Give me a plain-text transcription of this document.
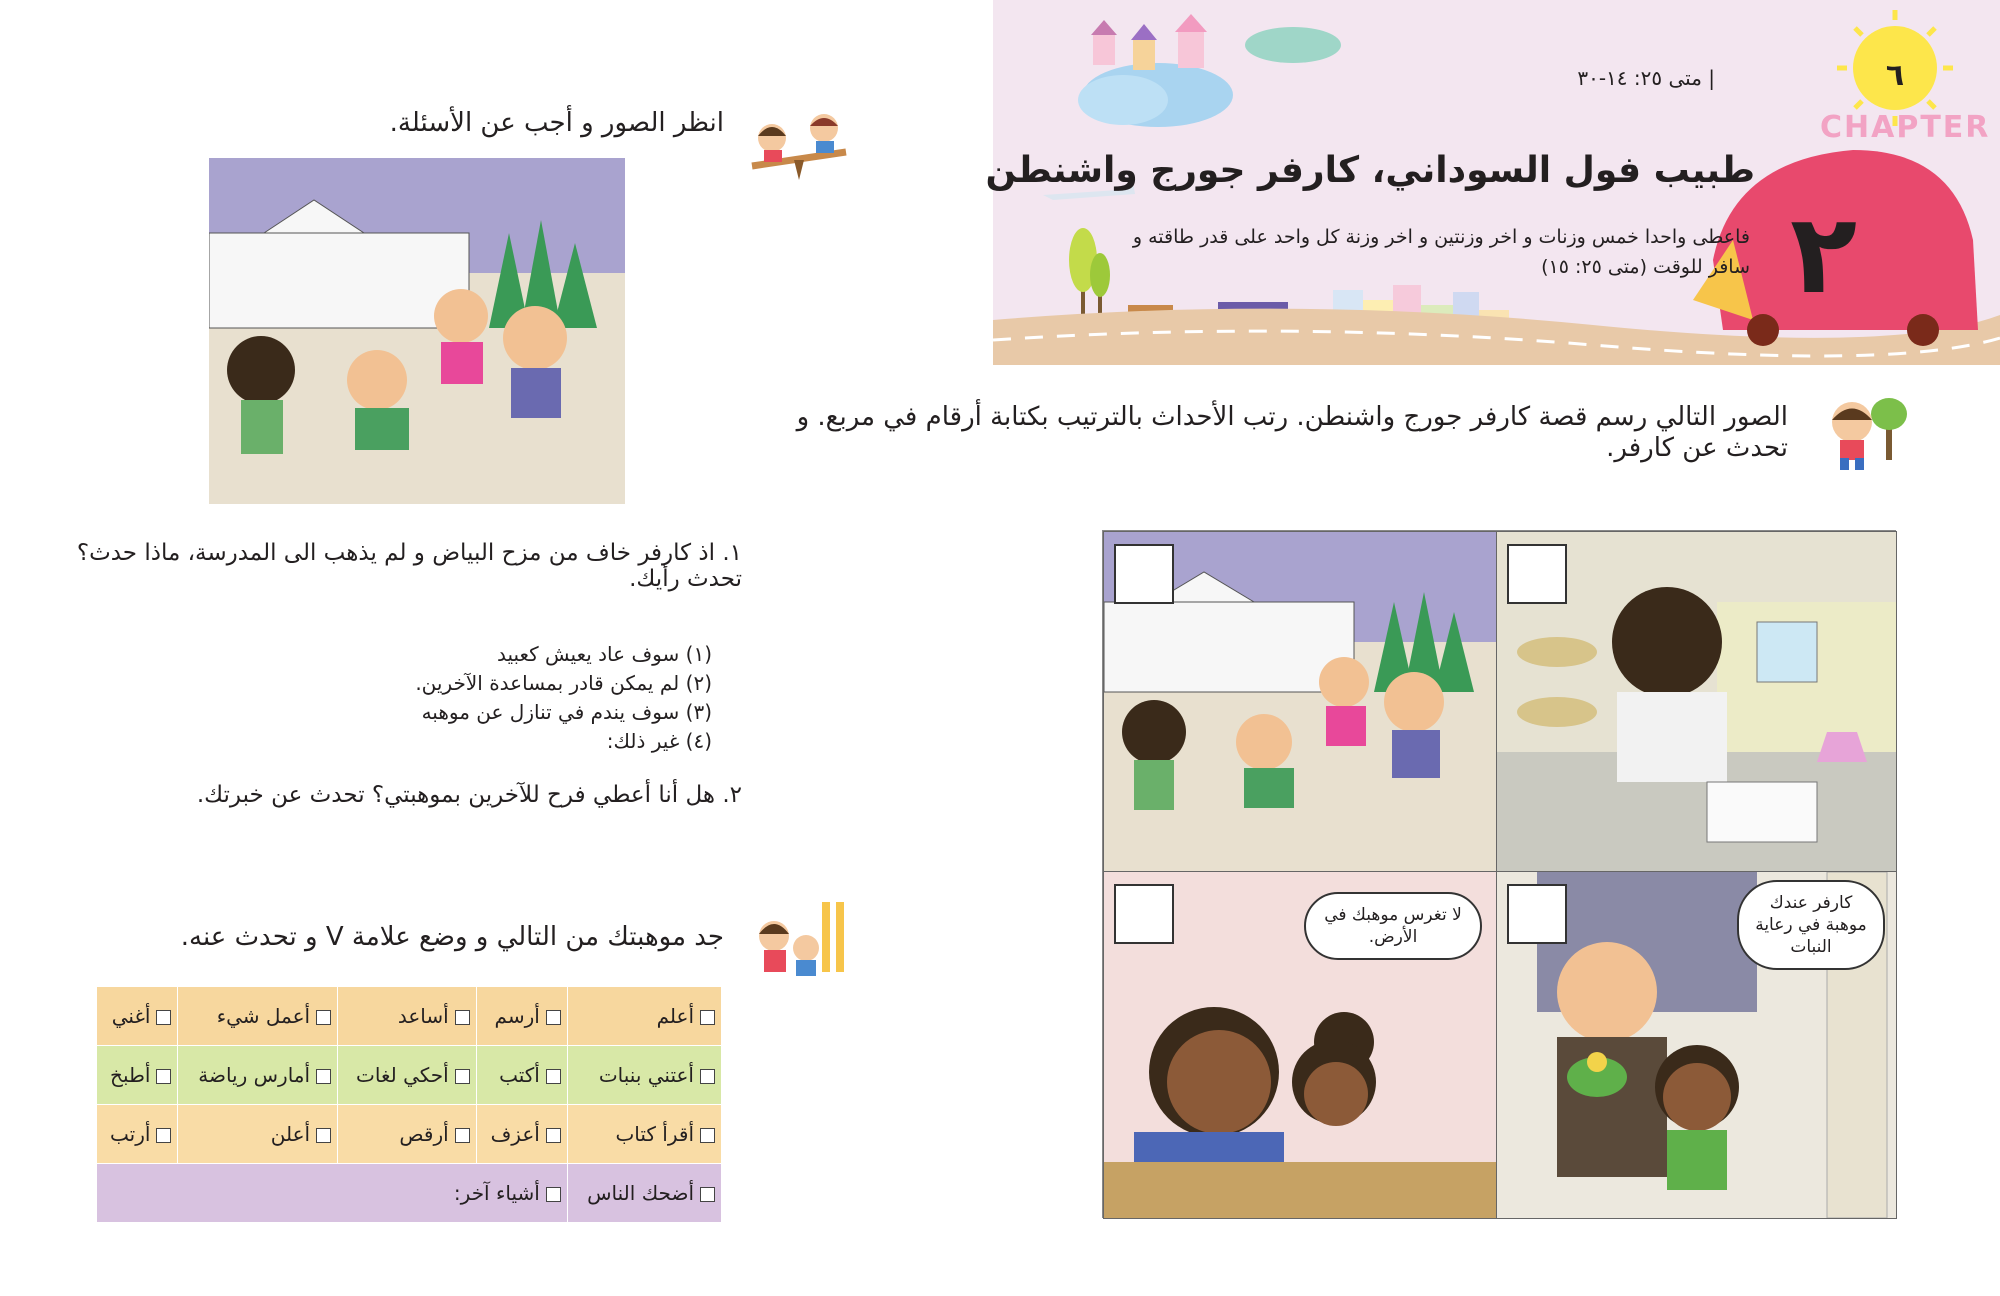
| متى ٢٥: ١٤-٣٠	٦
CHAPTER
٢
طبيب فول السوداني، كارفر جورج واشنطن
فاعطى واحدا خمس وزنات و اخر وزنتين و اخر وزنة كل واحد على قدر طاقته و سافر للوقت (متى ٢٥: ١٥)
الصور التالي رسم قصة كارفر جورج واشنطن. رتب الأحداث بالترتيب بكتابة أرقام في مربع. و تحدث عن كارفر.
لا تغرس موهبك في الأرض.
كارفر عندك موهبة في رعاية النبات
انظر الصور و أجب عن الأسئلة.
١. اذ كارفر خاف من مزح البياض و لم يذهب الى المدرسة، ماذا حدث؟ تحدث رأيك.
(١) سوف عاد يعيش كعبيد
(٢) لم يمكن قادر بمساعدة الآخرين.
(٣) سوف يندم في تنازل عن موهبه
(٤) غير ذلك:
٢. هل أنا أعطي فرح للآخرين بموهبتي؟ تحدث عن خبرتك.
جد موهبتك من التالي و وضع علامة V و تحدث عنه.
أعلم	أرسم	أساعد	أعمل شيء	أغني
أعتني بنبات	أكتب	أحكي لغات	أمارس رياضة	أطبخ
أقرأ كتاب	أعزف	أرقص	أعلن	أرتب
أضحك الناس	أشياء آخر:			
